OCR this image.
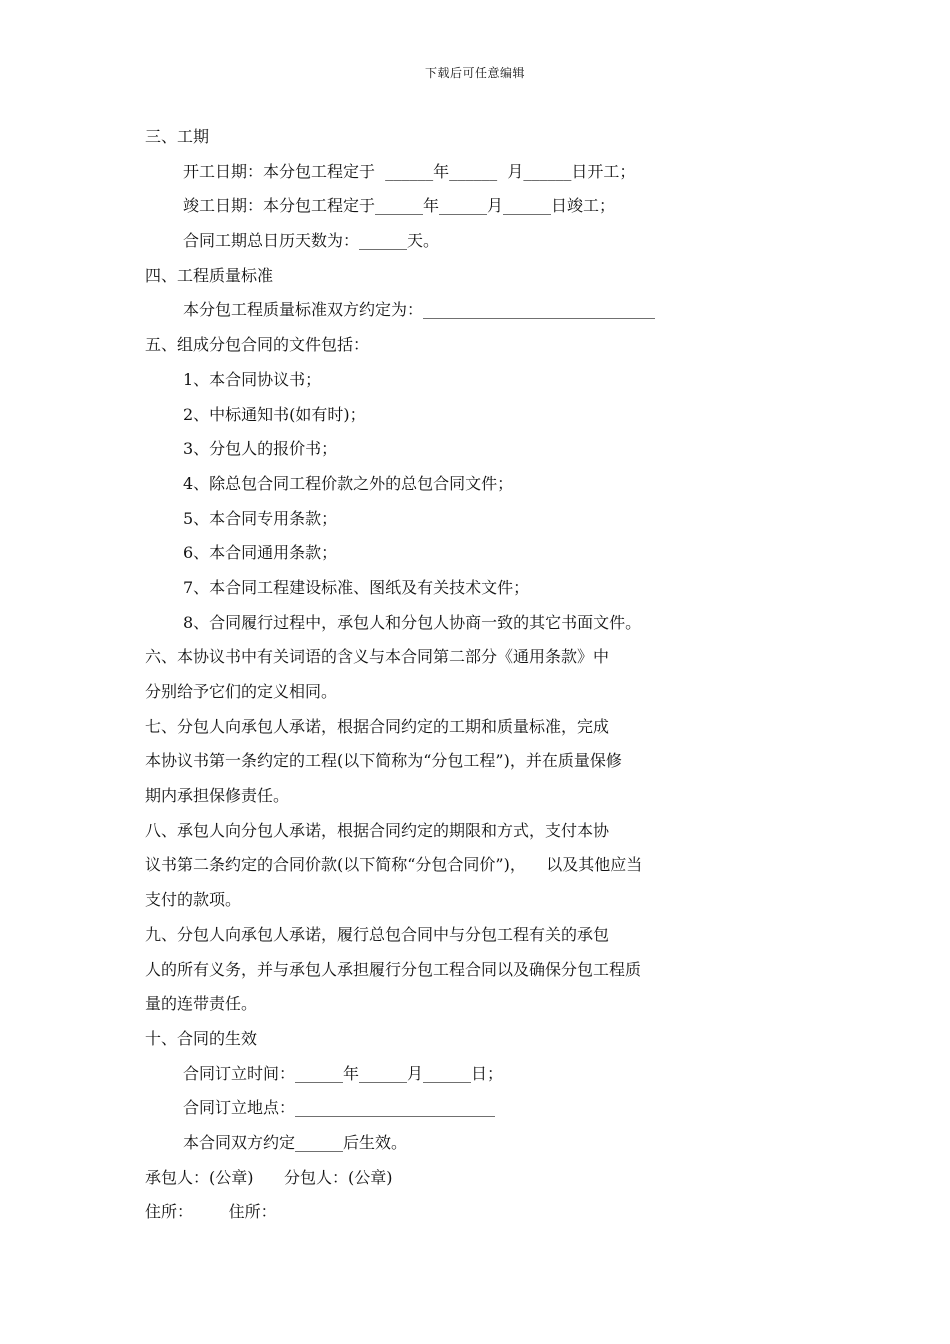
下载后可任意编辑
三、工期
开工日期：本分包工程定于  ______年______  月______日开工；
竣工日期：本分包工程定于______年______月______日竣工；
合同工期总日历天数为：______天。
四、工程质量标准
本分包工程质量标准双方约定为：_____________________________
五、组成分包合同的文件包括：
1、本合同协议书；
2、中标通知书(如有时)；
3、分包人的报价书；
4、除总包合同工程价款之外的总包合同文件；
5、本合同专用条款；
6、本合同通用条款；
7、本合同工程建设标准、图纸及有关技术文件；
8、合同履行过程中，承包人和分包人协商一致的其它书面文件。
六、本协议书中有关词语的含义与本合同第二部分《通用条款》中
分别给予它们的定义相同。
七、分包人向承包人承诺，根据合同约定的工期和质量标准，完成
本协议书第一条约定的工程(以下简称为“分包工程”)，并在质量保修
期内承担保修责任。
八、承包人向分包人承诺，根据合同约定的期限和方式，支付本协
议书第二条约定的合同价款(以下简称“分包合同价”)，    以及其他应当
支付的款项。
九、分包人向承包人承诺，履行总包合同中与分包工程有关的承包
人的所有义务，并与承包人承担履行分包工程合同以及确保分包工程质
量的连带责任。
十、合同的生效
合同订立时间：______年______月______日；
合同订立地点：_________________________
本合同双方约定______后生效。
承包人：(公章)      分包人：(公章)
住所：       住所：
